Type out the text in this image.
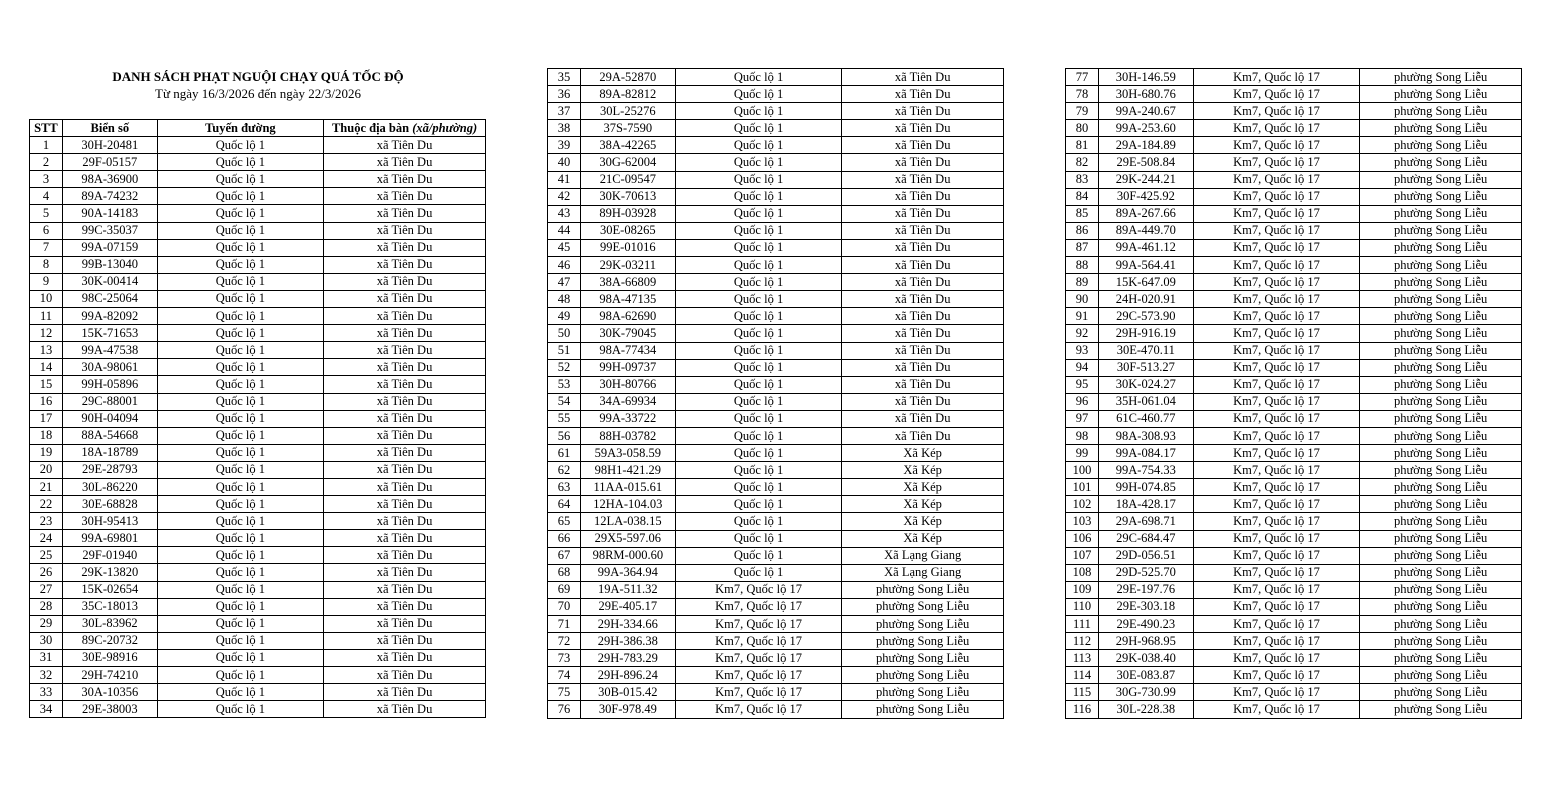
DANH SÁCH PHẠT NGUỘI CHẠY QUÁ TỐC ĐỘ
Từ ngày 16/3/2026 đến ngày 22/3/2026
STT	Biển số	Tuyến đường	Thuộc địa bàn (xã/phường)
1	30H-20481	Quốc lộ 1	xã Tiên Du
2	29F-05157	Quốc lộ 1	xã Tiên Du
3	98A-36900	Quốc lộ 1	xã Tiên Du
4	89A-74232	Quốc lộ 1	xã Tiên Du
5	90A-14183	Quốc lộ 1	xã Tiên Du
6	99C-35037	Quốc lộ 1	xã Tiên Du
7	99A-07159	Quốc lộ 1	xã Tiên Du
8	99B-13040	Quốc lộ 1	xã Tiên Du
9	30K-00414	Quốc lộ 1	xã Tiên Du
10	98C-25064	Quốc lộ 1	xã Tiên Du
11	99A-82092	Quốc lộ 1	xã Tiên Du
12	15K-71653	Quốc lộ 1	xã Tiên Du
13	99A-47538	Quốc lộ 1	xã Tiên Du
14	30A-98061	Quốc lộ 1	xã Tiên Du
15	99H-05896	Quốc lộ 1	xã Tiên Du
16	29C-88001	Quốc lộ 1	xã Tiên Du
17	90H-04094	Quốc lộ 1	xã Tiên Du
18	88A-54668	Quốc lộ 1	xã Tiên Du
19	18A-18789	Quốc lộ 1	xã Tiên Du
20	29E-28793	Quốc lộ 1	xã Tiên Du
21	30L-86220	Quốc lộ 1	xã Tiên Du
22	30E-68828	Quốc lộ 1	xã Tiên Du
23	30H-95413	Quốc lộ 1	xã Tiên Du
24	99A-69801	Quốc lộ 1	xã Tiên Du
25	29F-01940	Quốc lộ 1	xã Tiên Du
26	29K-13820	Quốc lộ 1	xã Tiên Du
27	15K-02654	Quốc lộ 1	xã Tiên Du
28	35C-18013	Quốc lộ 1	xã Tiên Du
29	30L-83962	Quốc lộ 1	xã Tiên Du
30	89C-20732	Quốc lộ 1	xã Tiên Du
31	30E-98916	Quốc lộ 1	xã Tiên Du
32	29H-74210	Quốc lộ 1	xã Tiên Du
33	30A-10356	Quốc lộ 1	xã Tiên Du
34	29E-38003	Quốc lộ 1	xã Tiên Du
35	29A-52870	Quốc lộ 1	xã Tiên Du
36	89A-82812	Quốc lộ 1	xã Tiên Du
37	30L-25276	Quốc lộ 1	xã Tiên Du
38	37S-7590	Quốc lộ 1	xã Tiên Du
39	38A-42265	Quốc lộ 1	xã Tiên Du
40	30G-62004	Quốc lộ 1	xã Tiên Du
41	21C-09547	Quốc lộ 1	xã Tiên Du
42	30K-70613	Quốc lộ 1	xã Tiên Du
43	89H-03928	Quốc lộ 1	xã Tiên Du
44	30E-08265	Quốc lộ 1	xã Tiên Du
45	99E-01016	Quốc lộ 1	xã Tiên Du
46	29K-03211	Quốc lộ 1	xã Tiên Du
47	38A-66809	Quốc lộ 1	xã Tiên Du
48	98A-47135	Quốc lộ 1	xã Tiên Du
49	98A-62690	Quốc lộ 1	xã Tiên Du
50	30K-79045	Quốc lộ 1	xã Tiên Du
51	98A-77434	Quốc lộ 1	xã Tiên Du
52	99H-09737	Quốc lộ 1	xã Tiên Du
53	30H-80766	Quốc lộ 1	xã Tiên Du
54	34A-69934	Quốc lộ 1	xã Tiên Du
55	99A-33722	Quốc lộ 1	xã Tiên Du
56	88H-03782	Quốc lộ 1	xã Tiên Du
61	59A3-058.59	Quốc lộ 1	Xã Kép
62	98H1-421.29	Quốc lộ 1	Xã Kép
63	11AA-015.61	Quốc lộ 1	Xã Kép
64	12HA-104.03	Quốc lộ 1	Xã Kép
65	12LA-038.15	Quốc lộ 1	Xã Kép
66	29X5-597.06	Quốc lộ 1	Xã Kép
67	98RM-000.60	Quốc lộ 1	Xã Lạng Giang
68	99A-364.94	Quốc lộ 1	Xã Lạng Giang
69	19A-511.32	Km7, Quốc lộ 17	phường Song Liễu
70	29E-405.17	Km7, Quốc lộ 17	phường Song Liễu
71	29H-334.66	Km7, Quốc lộ 17	phường Song Liễu
72	29H-386.38	Km7, Quốc lộ 17	phường Song Liễu
73	29H-783.29	Km7, Quốc lộ 17	phường Song Liễu
74	29H-896.24	Km7, Quốc lộ 17	phường Song Liễu
75	30B-015.42	Km7, Quốc lộ 17	phường Song Liễu
76	30F-978.49	Km7, Quốc lộ 17	phường Song Liễu
77	30H-146.59	Km7, Quốc lộ 17	phường Song Liễu
78	30H-680.76	Km7, Quốc lộ 17	phường Song Liễu
79	99A-240.67	Km7, Quốc lộ 17	phường Song Liễu
80	99A-253.60	Km7, Quốc lộ 17	phường Song Liễu
81	29A-184.89	Km7, Quốc lộ 17	phường Song Liễu
82	29E-508.84	Km7, Quốc lộ 17	phường Song Liễu
83	29K-244.21	Km7, Quốc lộ 17	phường Song Liễu
84	30F-425.92	Km7, Quốc lộ 17	phường Song Liễu
85	89A-267.66	Km7, Quốc lộ 17	phường Song Liễu
86	89A-449.70	Km7, Quốc lộ 17	phường Song Liễu
87	99A-461.12	Km7, Quốc lộ 17	phường Song Liễu
88	99A-564.41	Km7, Quốc lộ 17	phường Song Liễu
89	15K-647.09	Km7, Quốc lộ 17	phường Song Liễu
90	24H-020.91	Km7, Quốc lộ 17	phường Song Liễu
91	29C-573.90	Km7, Quốc lộ 17	phường Song Liễu
92	29H-916.19	Km7, Quốc lộ 17	phường Song Liễu
93	30E-470.11	Km7, Quốc lộ 17	phường Song Liễu
94	30F-513.27	Km7, Quốc lộ 17	phường Song Liễu
95	30K-024.27	Km7, Quốc lộ 17	phường Song Liễu
96	35H-061.04	Km7, Quốc lộ 17	phường Song Liễu
97	61C-460.77	Km7, Quốc lộ 17	phường Song Liễu
98	98A-308.93	Km7, Quốc lộ 17	phường Song Liễu
99	99A-084.17	Km7, Quốc lộ 17	phường Song Liễu
100	99A-754.33	Km7, Quốc lộ 17	phường Song Liễu
101	99H-074.85	Km7, Quốc lộ 17	phường Song Liễu
102	18A-428.17	Km7, Quốc lộ 17	phường Song Liễu
103	29A-698.71	Km7, Quốc lộ 17	phường Song Liễu
106	29C-684.47	Km7, Quốc lộ 17	phường Song Liễu
107	29D-056.51	Km7, Quốc lộ 17	phường Song Liễu
108	29D-525.70	Km7, Quốc lộ 17	phường Song Liễu
109	29E-197.76	Km7, Quốc lộ 17	phường Song Liễu
110	29E-303.18	Km7, Quốc lộ 17	phường Song Liễu
111	29E-490.23	Km7, Quốc lộ 17	phường Song Liễu
112	29H-968.95	Km7, Quốc lộ 17	phường Song Liễu
113	29K-038.40	Km7, Quốc lộ 17	phường Song Liễu
114	30E-083.87	Km7, Quốc lộ 17	phường Song Liễu
115	30G-730.99	Km7, Quốc lộ 17	phường Song Liễu
116	30L-228.38	Km7, Quốc lộ 17	phường Song Liễu
